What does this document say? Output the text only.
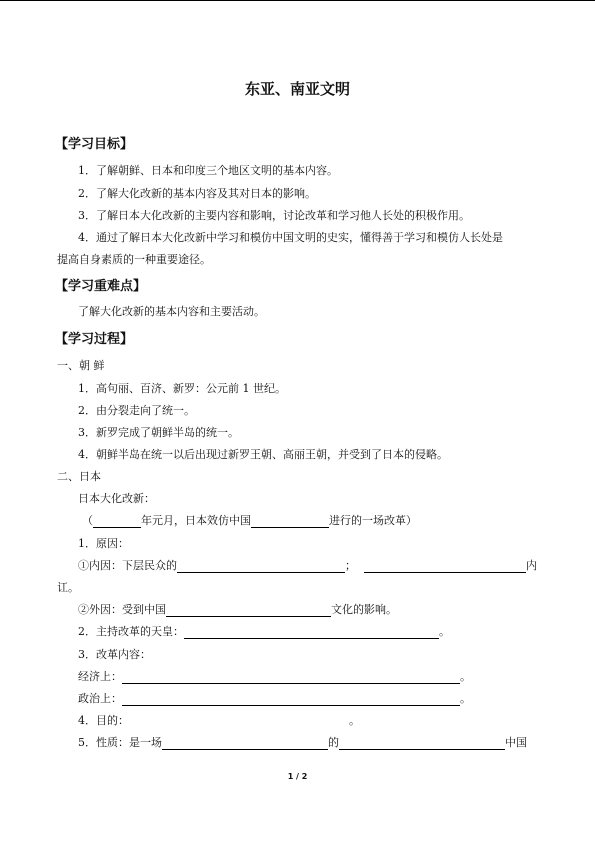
东亚、南亚文明
【学习目标】
1．了解朝鲜、日本和印度三个地区文明的基本内容。
2．了解大化改新的基本内容及其对日本的影响。
3．了解日本大化改新的主要内容和影响，讨论改革和学习他人长处的积极作用。
4．通过了解日本大化改新中学习和模仿中国文明的史实，懂得善于学习和模仿人长处是
提高自身素质的一种重要途径。
【学习重难点】
了解大化改新的基本内容和主要活动。
【学习过程】
一、朝 鲜
1．高句丽、百济、新罗：公元前 1 世纪。
2．由分裂走向了统一。
3．新罗完成了朝鲜半岛的统一。
4．朝鲜半岛在统一以后出现过新罗王朝、高丽王朝，并受到了日本的侵略。
二、日本
日本大化改新：
（	年元月，日本效仿中国	进行的一场改革）
1．原因：
①内因：下层民众的	；	内
讧。
②外因：受到中国	文化的影响。
2．主持改革的天皇：	。
3．改革内容：
经济上：	。
政治上：	。
4．目的：	。
5．性质：是一场	的	中国
1 / 2
